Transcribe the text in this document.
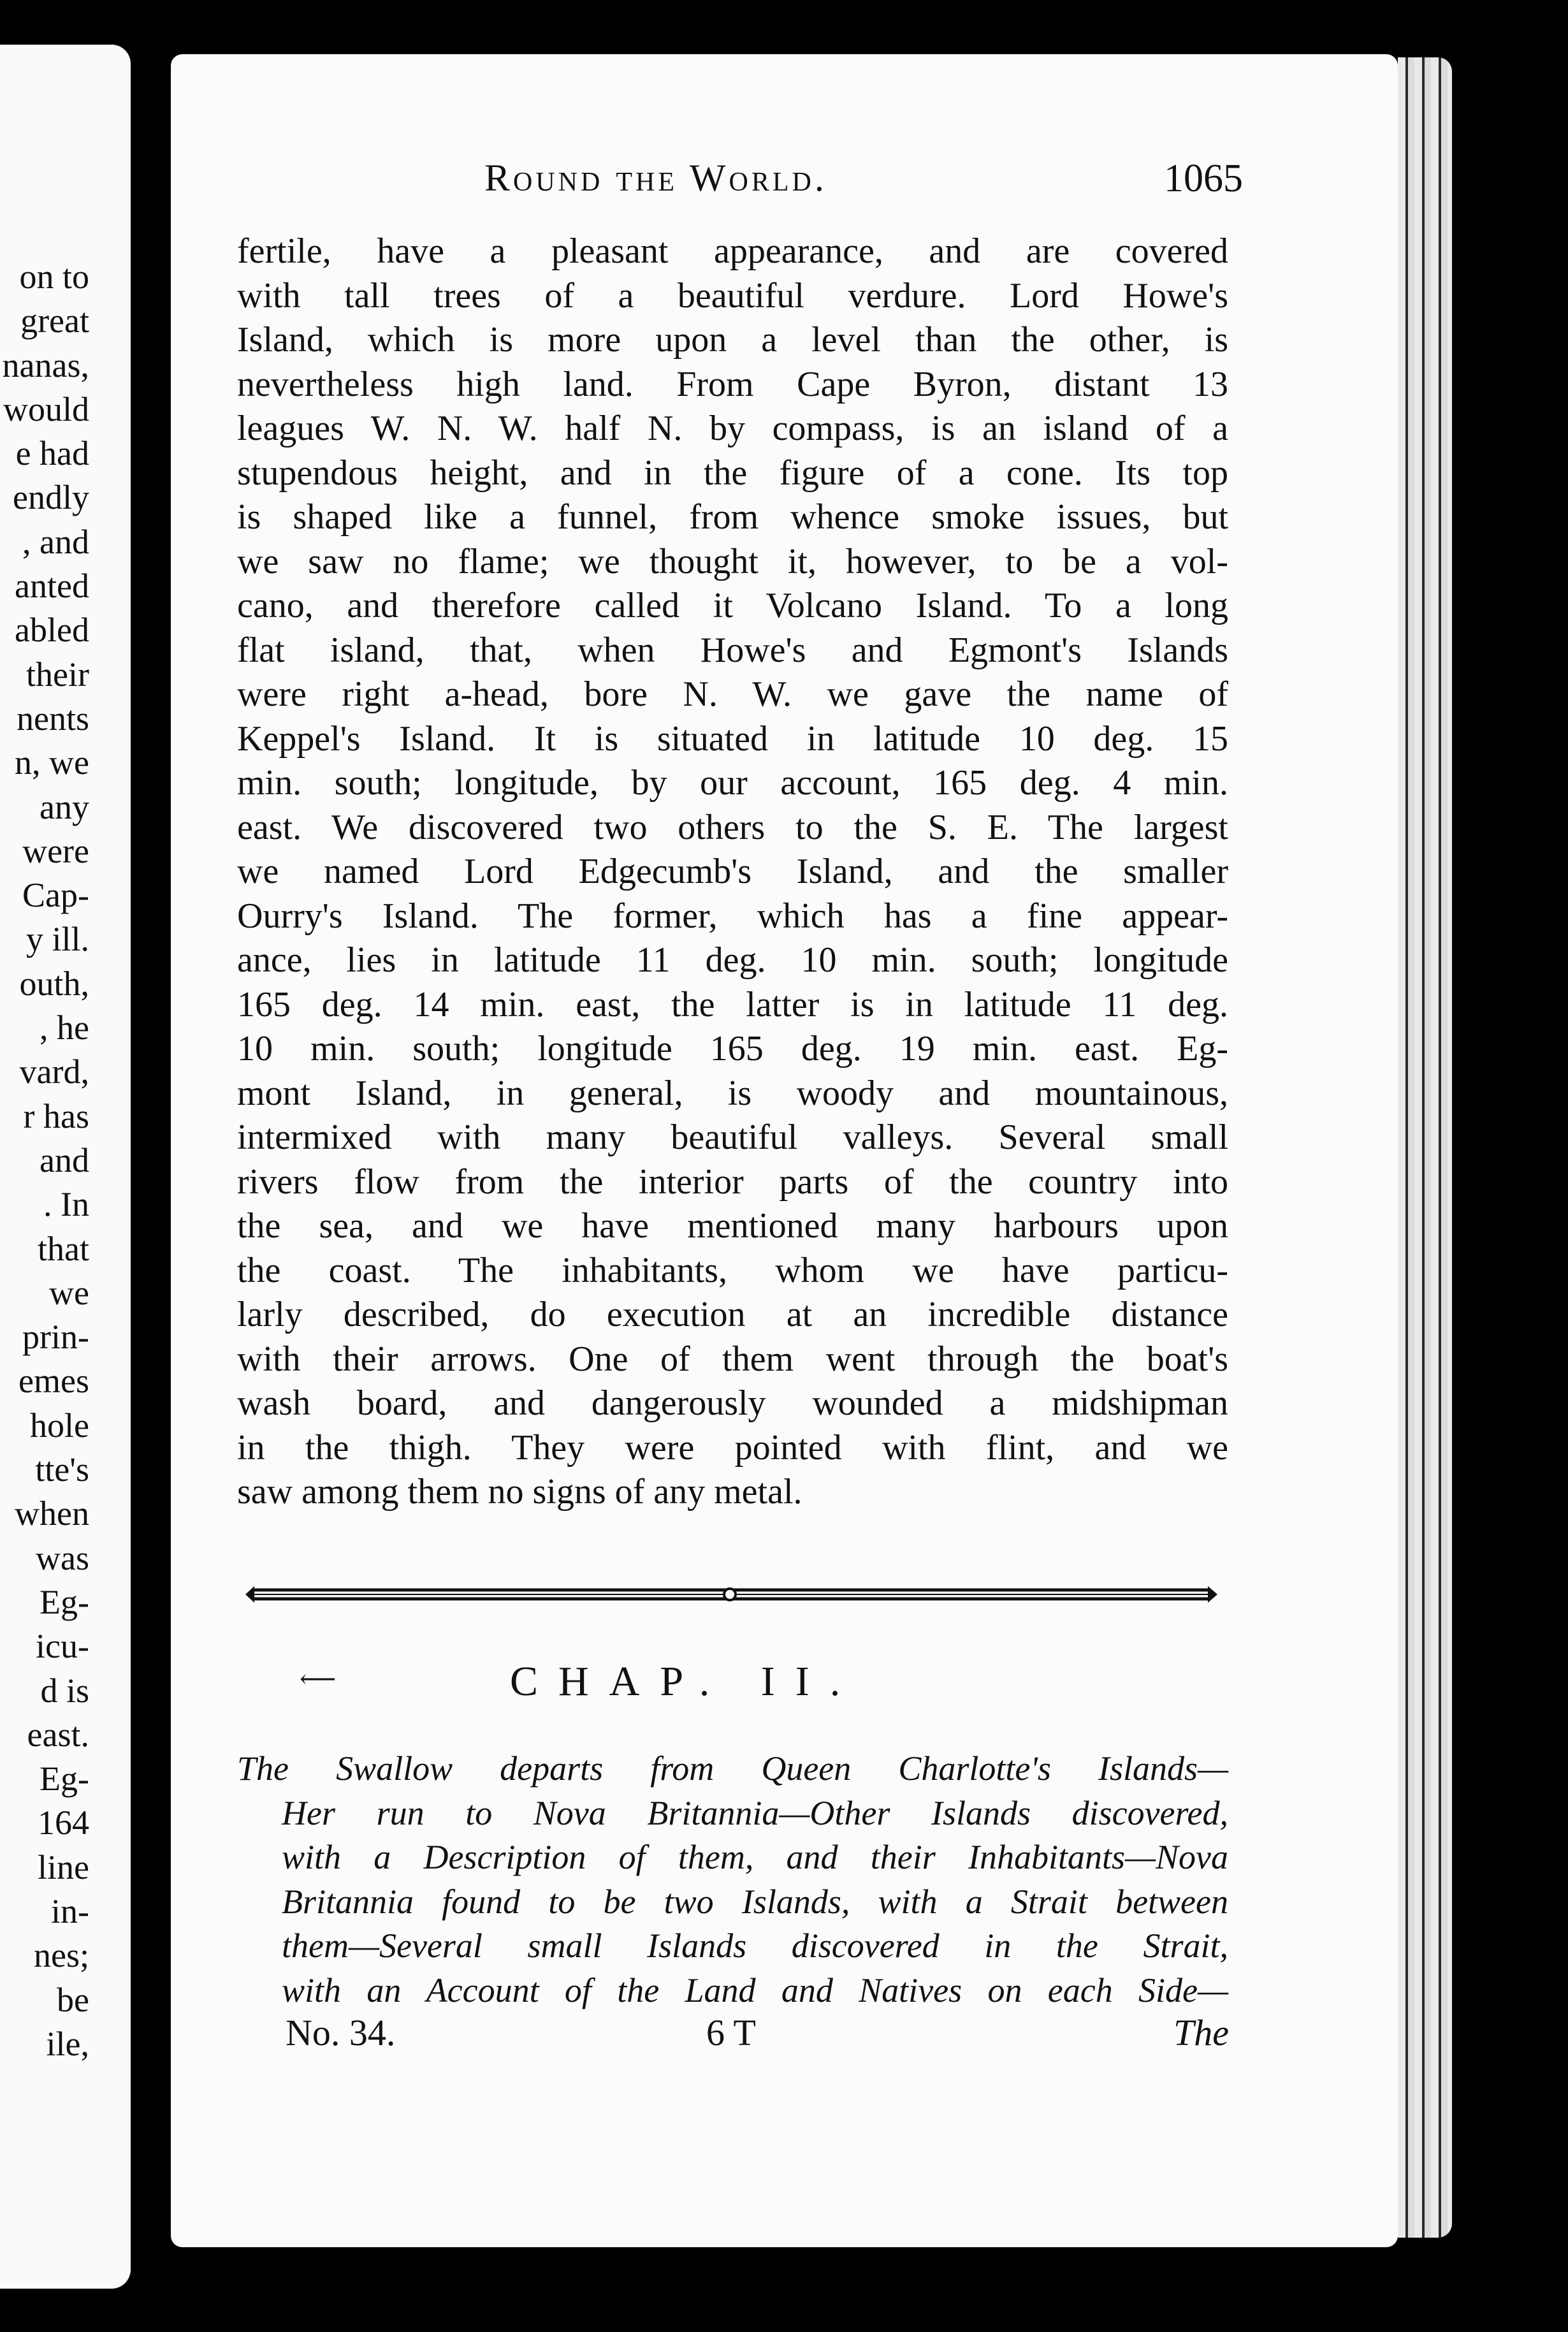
on to
great
nanas,
would
e had
endly
, and
anted
abled
their
nents
n, we
any
were
Cap-
y ill.
outh,
, he
vard,
r has
and
. In
that
we
prin-
emes
hole
tte's
when
was
Eg-
icu-
d is
east.
Eg-
164
line
in-
nes;
be
ile,
Round the World.	1065
fertile, have a pleasant appearance, and are covered
with tall trees of a beautiful verdure. Lord Howe's
Island, which is more upon a level than the other, is
nevertheless high land. From Cape Byron, distant 13
leagues W. N. W. half N. by compass, is an island of a
stupendous height, and in the figure of a cone. Its top
is shaped like a funnel, from whence smoke issues, but
we saw no flame; we thought it, however, to be a vol-
cano, and therefore called it Volcano Island. To a long
flat island, that, when Howe's and Egmont's Islands
were right a-head, bore N. W. we gave the name of
Keppel's Island. It is situated in latitude 10 deg. 15
min. south; longitude, by our account, 165 deg. 4 min.
east. We discovered two others to the S. E. The largest
we named Lord Edgecumb's Island, and the smaller
Ourry's Island. The former, which has a fine appear-
ance, lies in latitude 11 deg. 10 min. south; longitude
165 deg. 14 min. east, the latter is in latitude 11 deg.
10 min. south; longitude 165 deg. 19 min. east. Eg-
mont Island, in general, is woody and mountainous,
intermixed with many beautiful valleys. Several small
rivers flow from the interior parts of the country into
the sea, and we have mentioned many harbours upon
the coast. The inhabitants, whom we have particu-
larly described, do execution at an incredible distance
with their arrows. One of them went through the boat's
wash board, and dangerously wounded a midshipman
in the thigh. They were pointed with flint, and we
saw among them no signs of any metal.
⟵	CHAP. II.
The Swallow departs from Queen Charlotte's Islands—
Her run to Nova Britannia—Other Islands discovered,
with a Description of them, and their Inhabitants—Nova
Britannia found to be two Islands, with a Strait between
them—Several small Islands discovered in the Strait,
with an Account of the Land and Natives on each Side—
No. 34.	6 T	The
